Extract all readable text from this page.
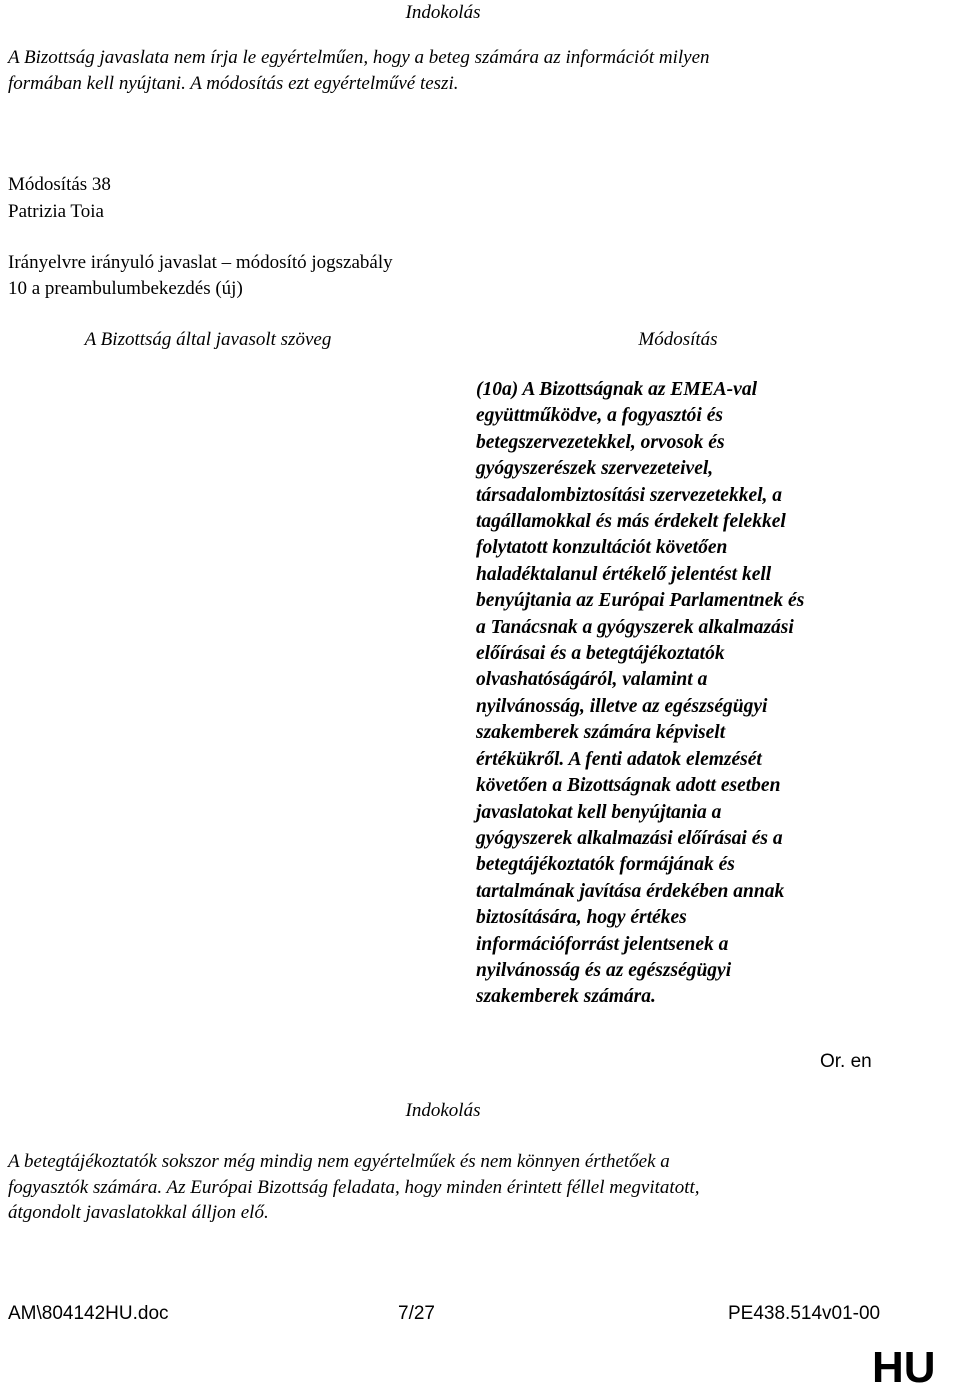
Indokolás
A Bizottság javaslata nem írja le egyértelműen, hogy a beteg számára az információt milyen
formában kell nyújtani. A módosítás ezt egyértelművé teszi.
Módosítás 38
Patrizia Toia
Irányelvre irányuló javaslat – módosító jogszabály
10 a preambulumbekezdés (új)
A Bizottság által javasolt szöveg	Módosítás
(10a) A Bizottságnak az EMEA-val
együttműködve, a fogyasztói és
betegszervezetekkel, orvosok és
gyógyszerészek szervezeteivel,
társadalombiztosítási szervezetekkel, a
tagállamokkal és más érdekelt felekkel
folytatott konzultációt követően
haladéktalanul értékelő jelentést kell
benyújtania az Európai Parlamentnek és
a Tanácsnak a gyógyszerek alkalmazási
előírásai és a betegtájékoztatók
olvashatóságáról, valamint a
nyilvánosság, illetve az egészségügyi
szakemberek számára képviselt
értékükről. A fenti adatok elemzését
követően a Bizottságnak adott esetben
javaslatokat kell benyújtania a
gyógyszerek alkalmazási előírásai és a
betegtájékoztatók formájának és
tartalmának javítása érdekében annak
biztosítására, hogy értékes
információforrást jelentsenek a
nyilvánosság és az egészségügyi
szakemberek számára.
Or. en
Indokolás
A betegtájékoztatók sokszor még mindig nem egyértelműek és nem könnyen érthetőek a
fogyasztók számára. Az Európai Bizottság feladata, hogy minden érintett féllel megvitatott,
átgondolt javaslatokkal álljon elő.
AM\804142HU.doc	7/27	PE438.514v01-00
HU
